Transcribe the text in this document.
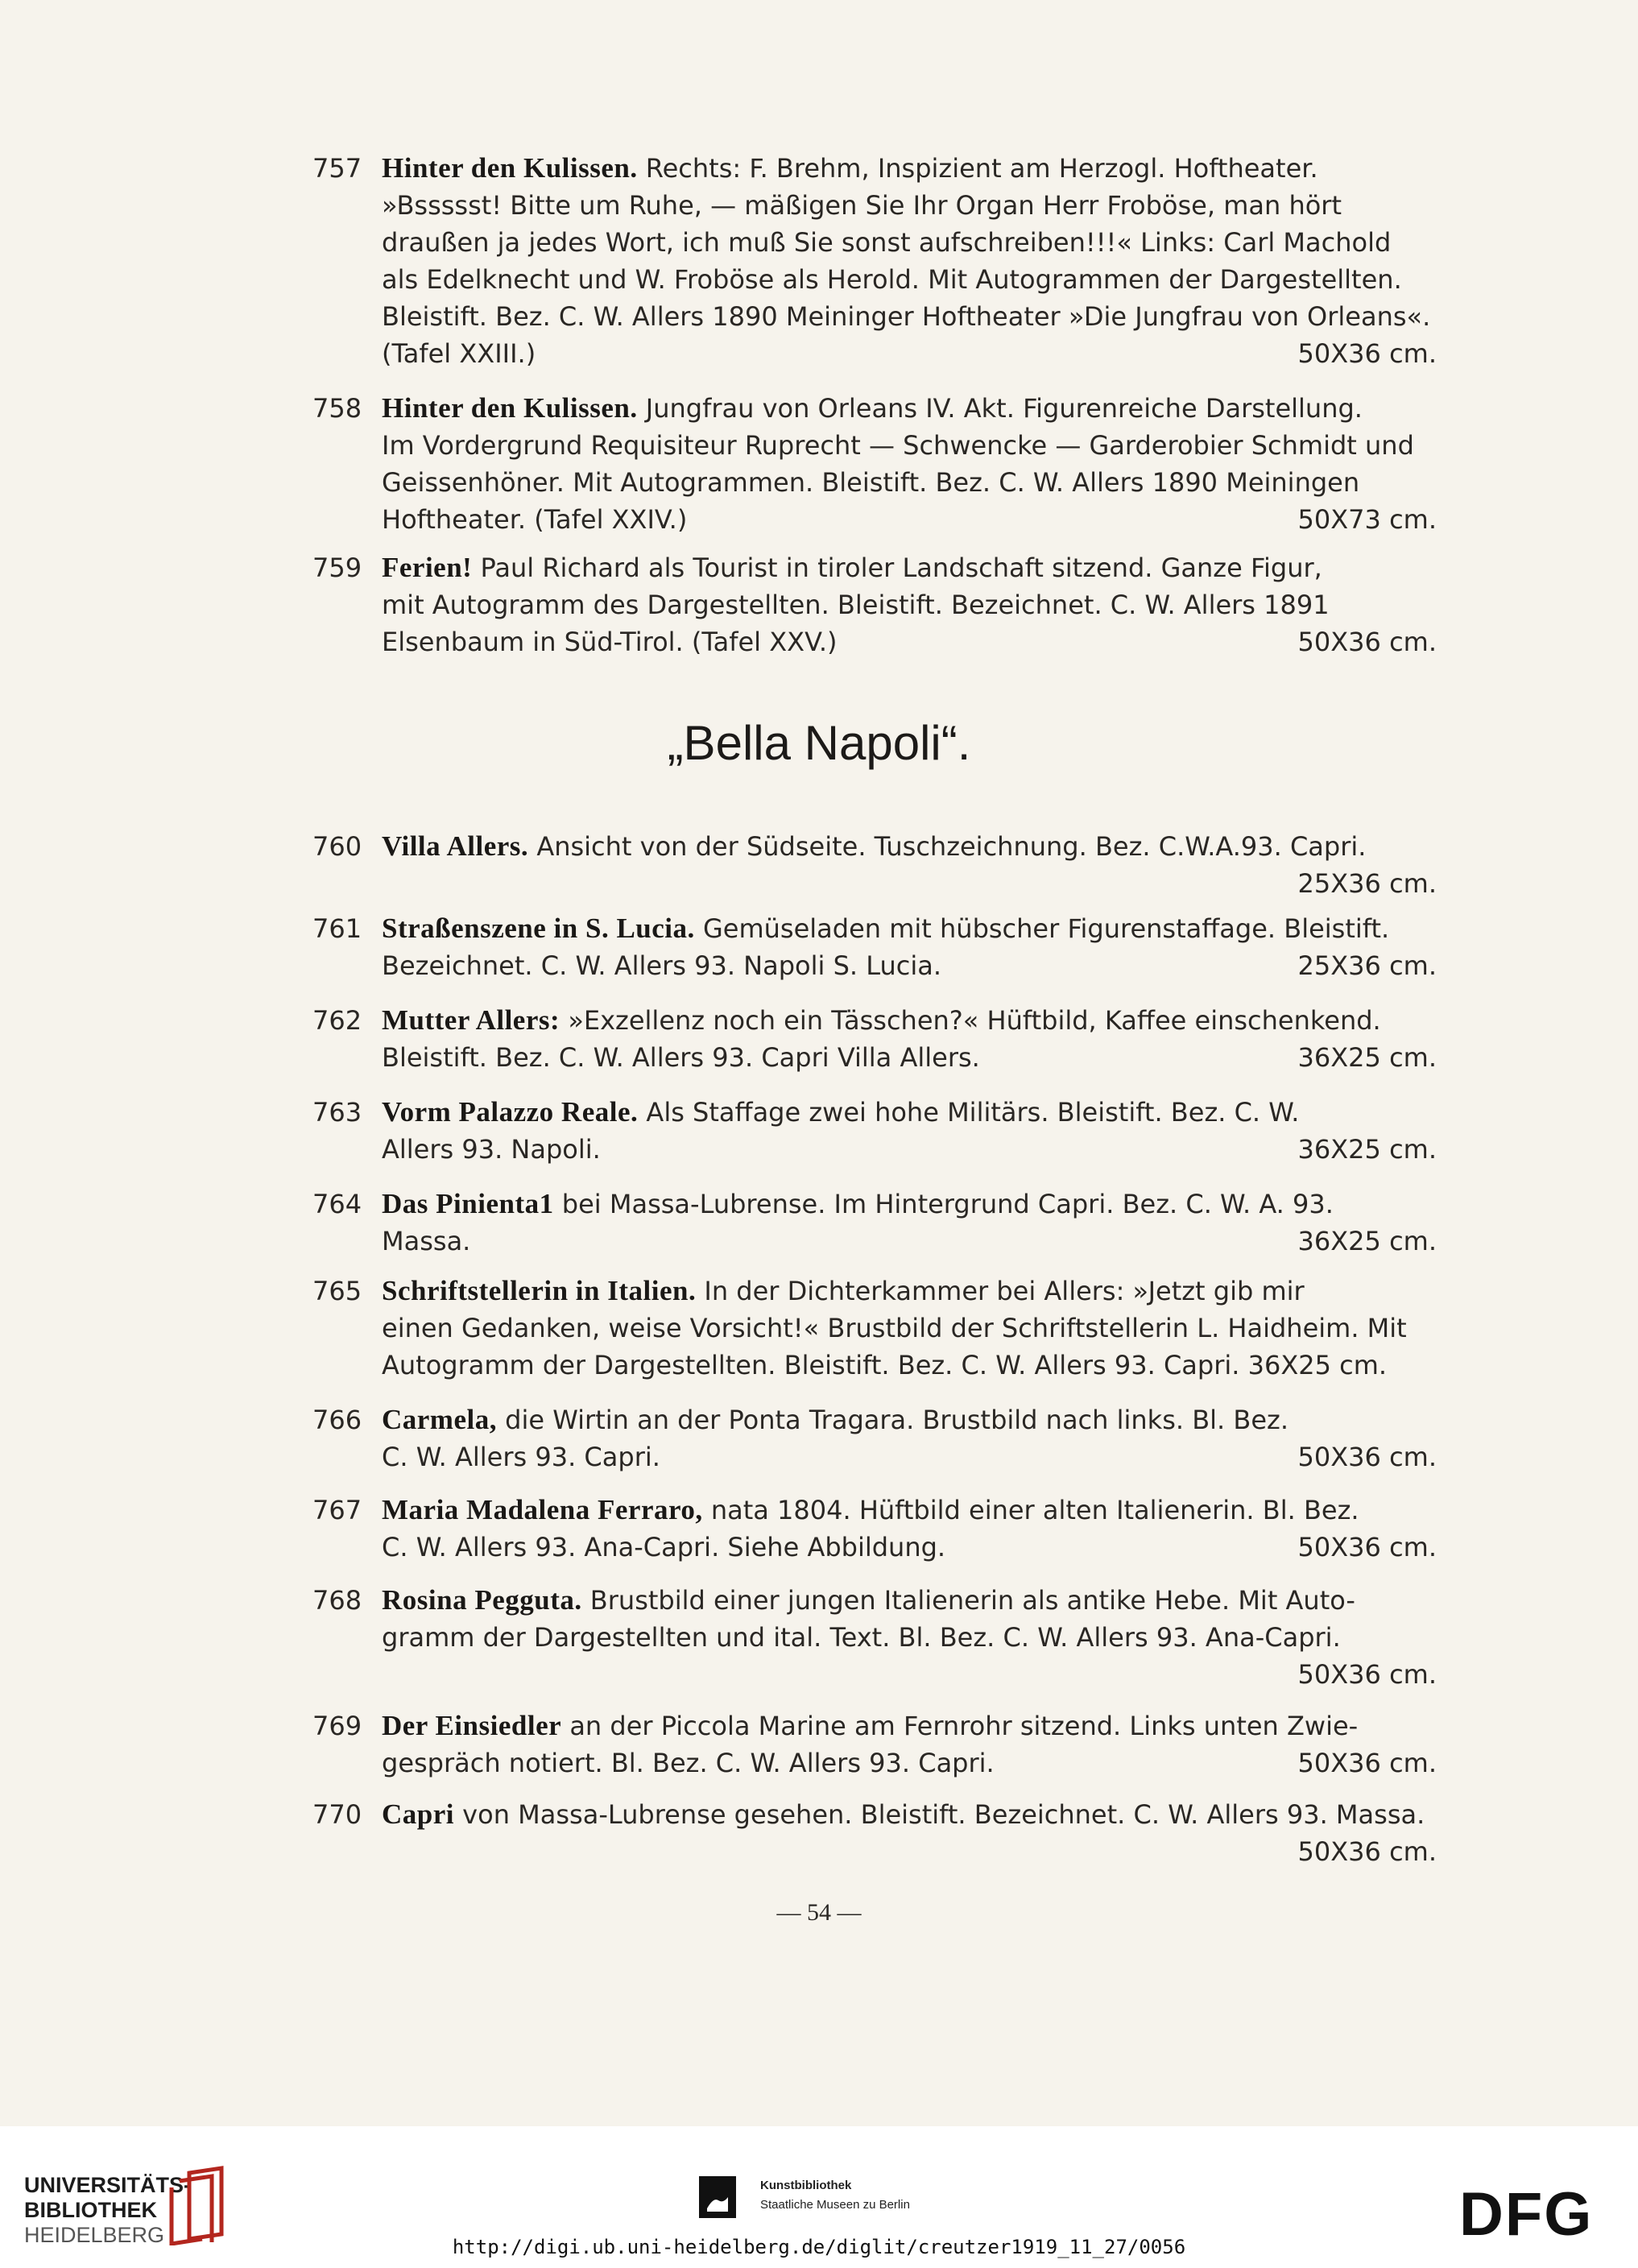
757 Hinter den Kulissen. Rechts: F. Brehm, Inspizient am Herzogl. Hoftheater.
»Bssssst! Bitte um Ruhe, — mäßigen Sie Ihr Organ Herr Froböse, man hört
draußen ja jedes Wort, ich muß Sie sonst aufschreiben!!!« Links: Carl Machold
als Edelknecht und W. Froböse als Herold. Mit Autogrammen der Dargestellten.
Bleistift. Bez. C. W. Allers 1890 Meininger Hoftheater »Die Jungfrau von Orleans«.
(Tafel XXIII.)	50X36 cm.
758 Hinter den Kulissen. Jungfrau von Orleans IV. Akt. Figurenreiche Darstellung.
Im Vordergrund Requisiteur Ruprecht — Schwencke — Garderobier Schmidt und
Geissenhöner. Mit Autogrammen. Bleistift. Bez. C. W. Allers 1890 Meiningen
Hoftheater. (Tafel XXIV.)	50X73 cm.
759 Ferien! Paul Richard als Tourist in tiroler Landschaft sitzend. Ganze Figur,
mit Autogramm des Dargestellten. Bleistift. Bezeichnet. C. W. Allers 1891
Elsenbaum in Süd-Tirol. (Tafel XXV.)	50X36 cm.
„Bella Napoli“.
760 Villa Allers. Ansicht von der Südseite. Tuschzeichnung. Bez. C.W.A.93. Capri.
25X36 cm.
761 Straßenszene in S. Lucia. Gemüseladen mit hübscher Figurenstaffage. Bleistift.
Bezeichnet. C. W. Allers 93. Napoli S. Lucia.	25X36 cm.
762 Mutter Allers: »Exzellenz noch ein Tässchen?« Hüftbild, Kaffee einschenkend.
Bleistift. Bez. C. W. Allers 93. Capri Villa Allers.	36X25 cm.
763 Vorm Palazzo Reale. Als Staffage zwei hohe Militärs. Bleistift. Bez. C. W.
Allers 93. Napoli.	36X25 cm.
764 Das Pinienta1 bei Massa-Lubrense. Im Hintergrund Capri. Bez. C. W. A. 93.
Massa.	36X25 cm.
765 Schriftstellerin in Italien. In der Dichterkammer bei Allers: »Jetzt gib mir
einen Gedanken, weise Vorsicht!« Brustbild der Schriftstellerin L. Haidheim. Mit
Autogramm der Dargestellten. Bleistift. Bez. C. W. Allers 93. Capri. 36X25 cm.
766 Carmela, die Wirtin an der Ponta Tragara. Brustbild nach links. Bl. Bez.
C. W. Allers 93. Capri.	50X36 cm.
767 Maria Madalena Ferraro, nata 1804. Hüftbild einer alten Italienerin. Bl. Bez.
C. W. Allers 93. Ana-Capri. Siehe Abbildung.	50X36 cm.
768 Rosina Pegguta. Brustbild einer jungen Italienerin als antike Hebe. Mit Auto-
gramm der Dargestellten und ital. Text. Bl. Bez. C. W. Allers 93. Ana-Capri.
50X36 cm.
769 Der Einsiedler an der Piccola Marine am Fernrohr sitzend. Links unten Zwie-
gespräch notiert. Bl. Bez. C. W. Allers 93. Capri.	50X36 cm.
770 Capri von Massa-Lubrense gesehen. Bleistift. Bezeichnet. C. W. Allers 93. Massa.
50X36 cm.
— 54 —
UNIVERSITÄTS-
BIBLIOTHEK
HEIDELBERG
Kunstbibliothek
Staatliche Museen zu Berlin	DFG
http://digi.ub.uni-heidelberg.de/diglit/creutzer1919_11_27/0056
